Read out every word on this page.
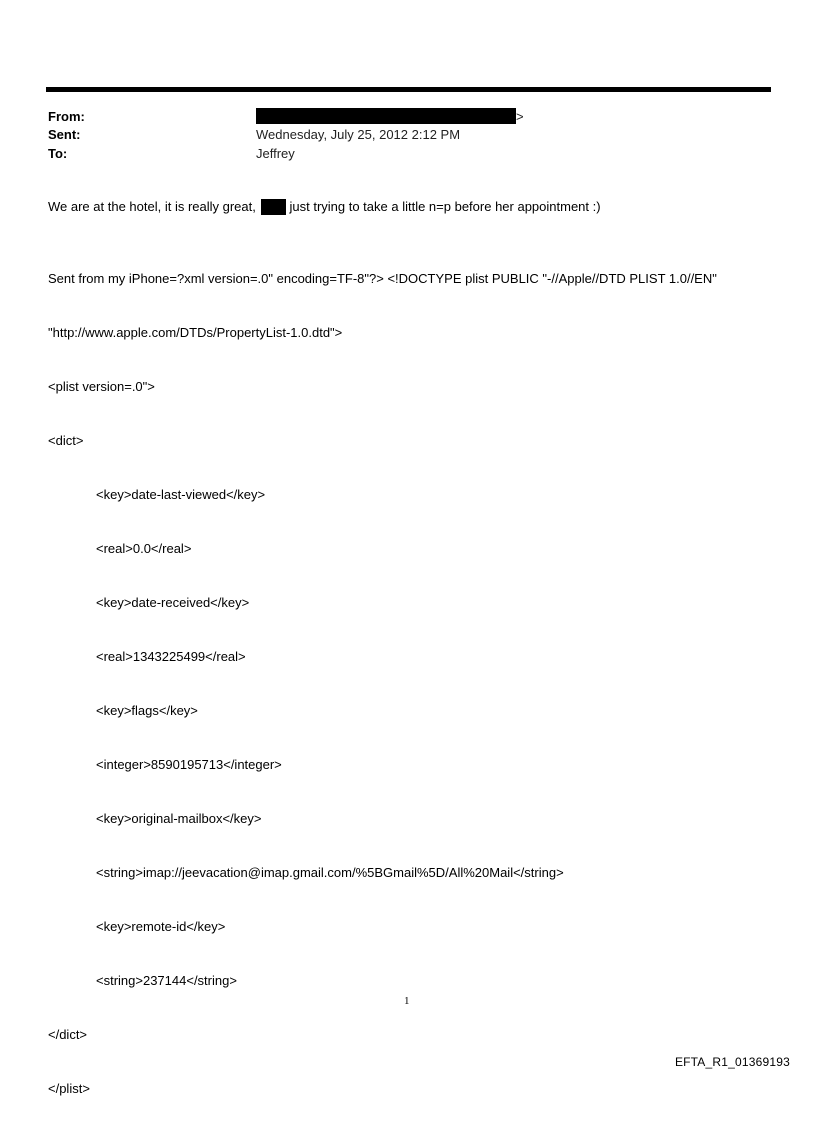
From:	>
Sent:	Wednesday, July 25, 2012 2:12 PM
To:	Jeffrey
We are at the hotel, it is really great, just trying to take a little n=p before her appointment :)

Sent from my iPhone=?xml version=.0" encoding=TF-8"?> <!DOCTYPE plist PUBLIC "-//Apple//DTD PLIST 1.0//EN"

"http://www.apple.com/DTDs/PropertyList-1.0.dtd">

<plist version=.0">

<dict>

<key>date-last-viewed</key>

<real>0.0</real>

<key>date-received</key>

<real>1343225499</real>

<key>flags</key>

<integer>8590195713</integer>

<key>original-mailbox</key>

<string>imap://jeevacation@imap.gmail.com/%5BGmail%5D/All%20Mail</string>

<key>remote-id</key>

<string>237144</string>

</dict>

</plist>

1
EFTA_R1_01369193
